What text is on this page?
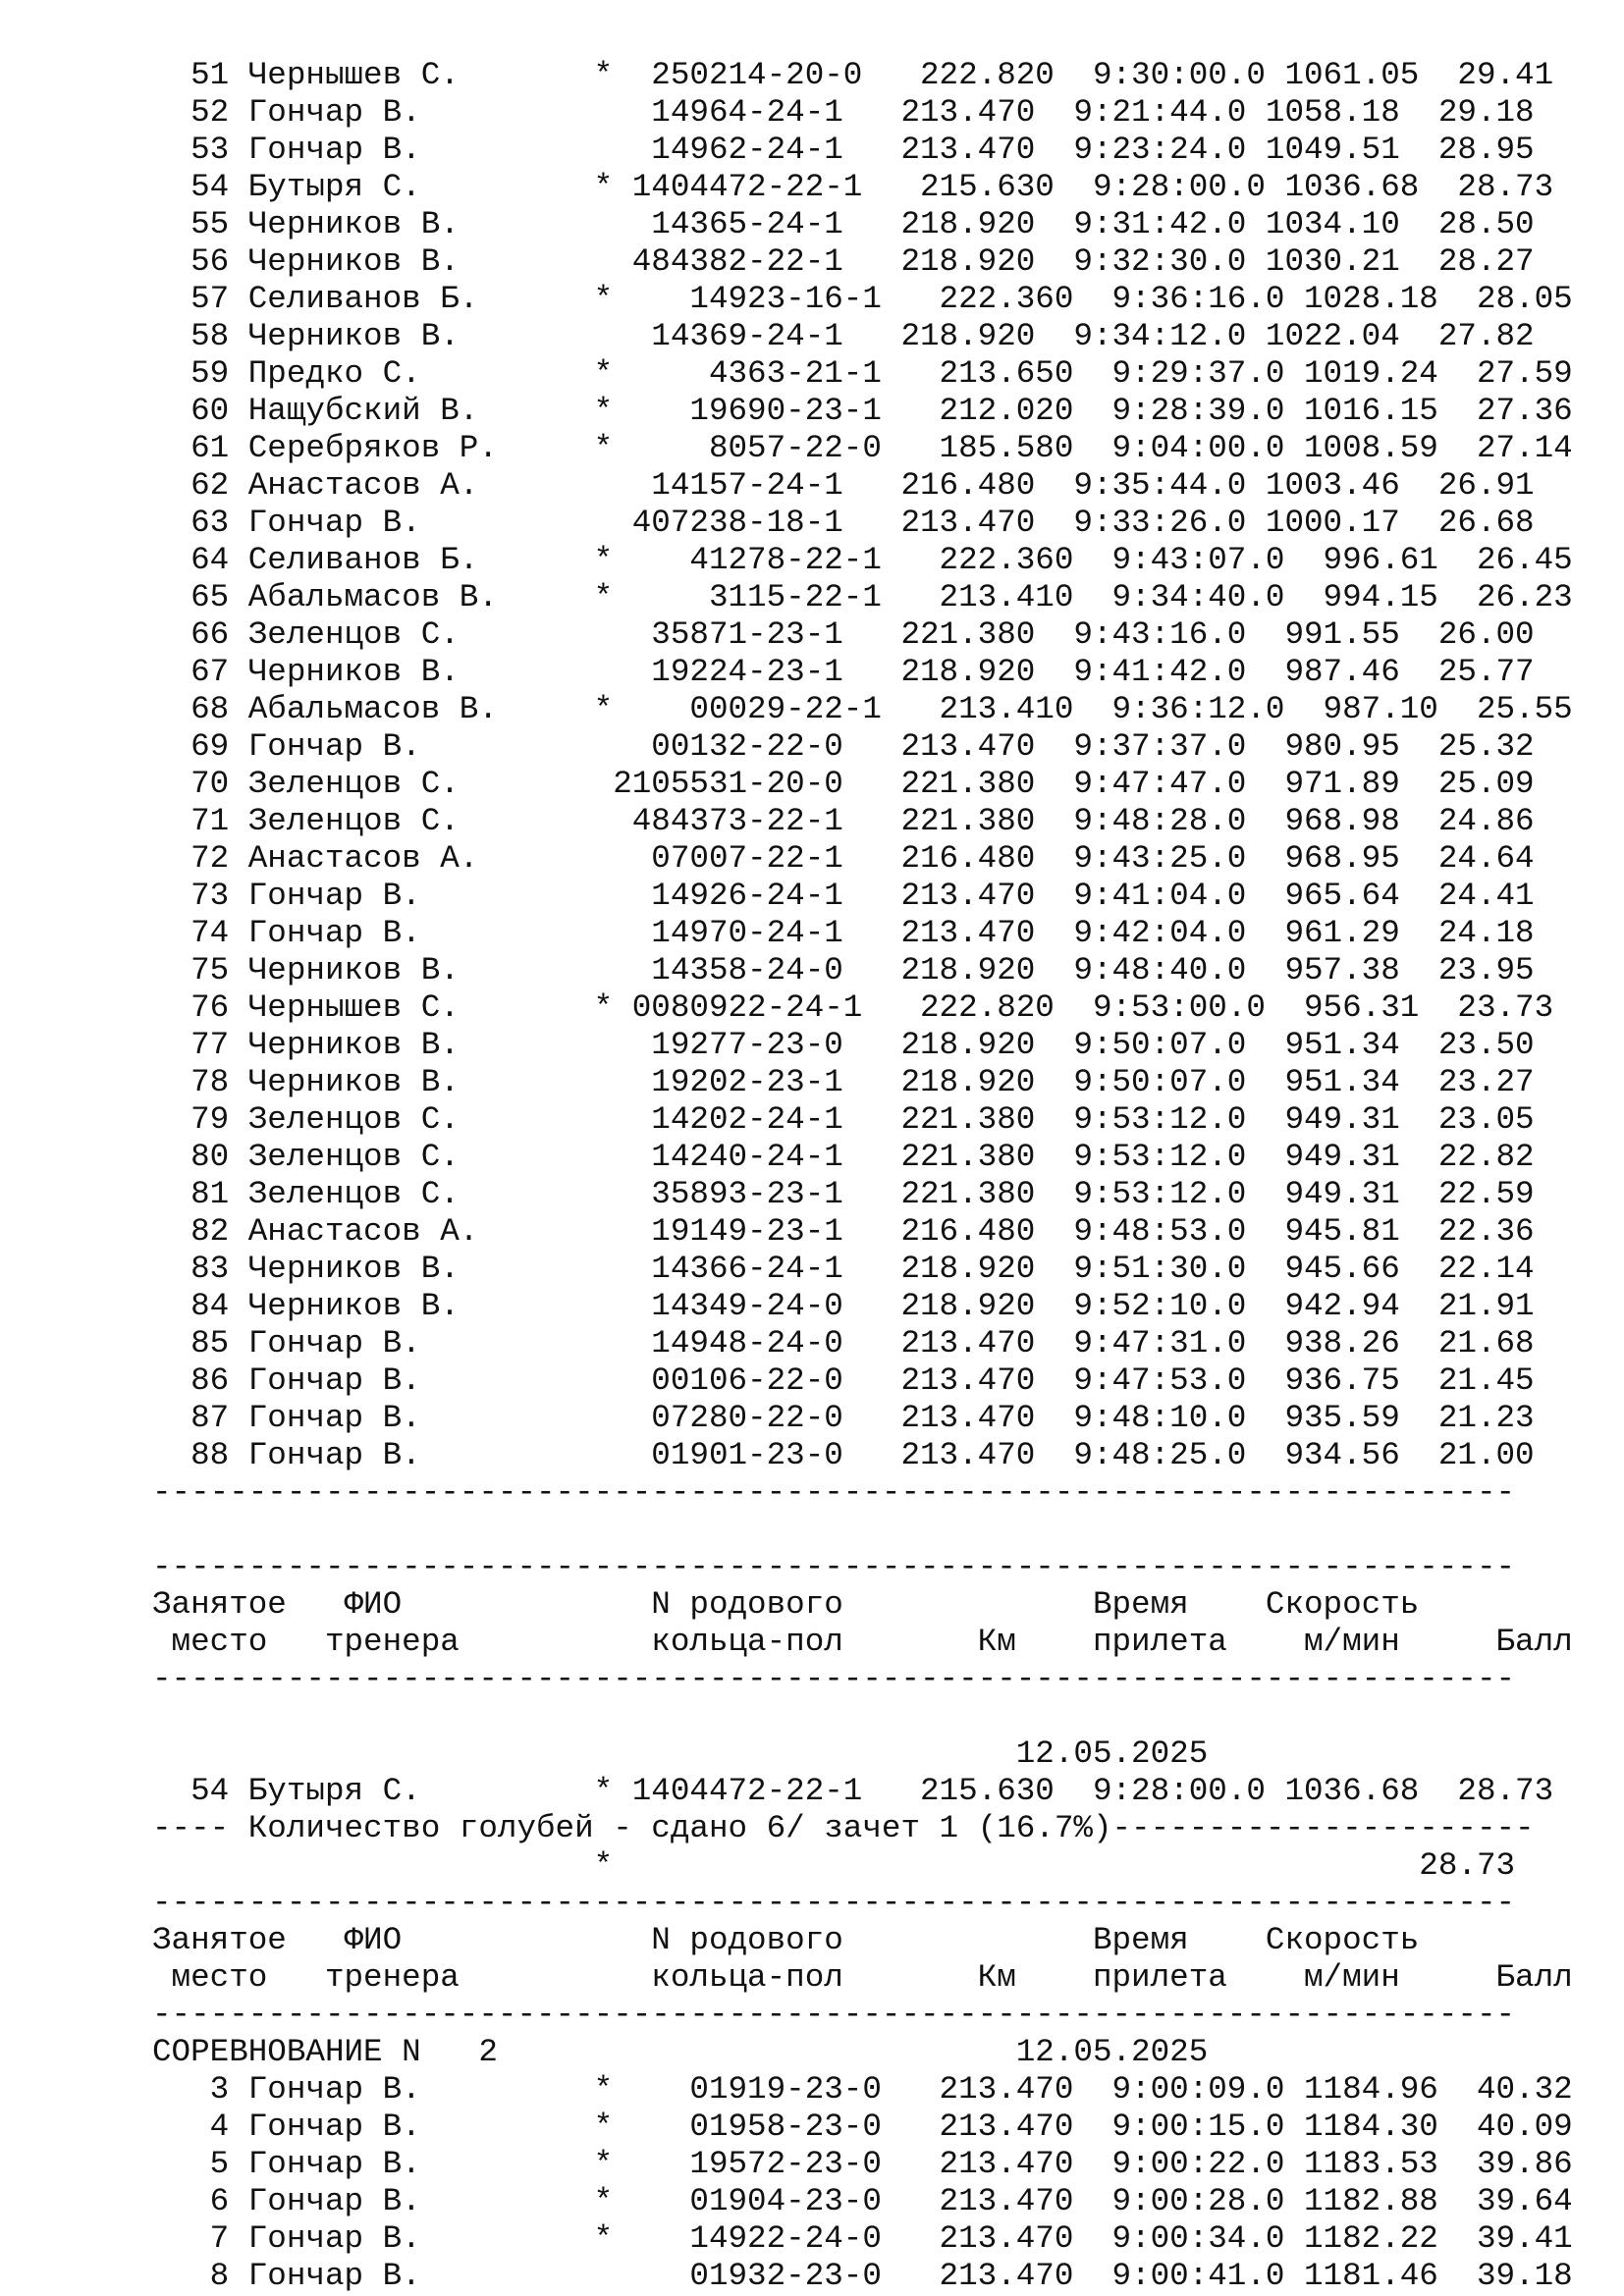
51 Чернышев С.       *  250214-20-0   222.820  9:30:00.0 1061.05  29.41
52 Гончар В.            14964-24-1   213.470  9:21:44.0 1058.18  29.18
53 Гончар В.            14962-24-1   213.470  9:23:24.0 1049.51  28.95
54 Бутыря С.         * 1404472-22-1   215.630  9:28:00.0 1036.68  28.73
55 Черников В.          14365-24-1   218.920  9:31:42.0 1034.10  28.50
56 Черников В.         484382-22-1   218.920  9:32:30.0 1030.21  28.27
57 Селиванов Б.      *    14923-16-1   222.360  9:36:16.0 1028.18  28.05
58 Черников В.          14369-24-1   218.920  9:34:12.0 1022.04  27.82
59 Предко С.         *     4363-21-1   213.650  9:29:37.0 1019.24  27.59
60 Нащубский В.      *    19690-23-1   212.020  9:28:39.0 1016.15  27.36
61 Серебряков Р.     *     8057-22-0   185.580  9:04:00.0 1008.59  27.14
62 Анастасов А.         14157-24-1   216.480  9:35:44.0 1003.46  26.91
63 Гончар В.           407238-18-1   213.470  9:33:26.0 1000.17  26.68
64 Селиванов Б.      *    41278-22-1   222.360  9:43:07.0  996.61  26.45
65 Абальмасов В.     *     3115-22-1   213.410  9:34:40.0  994.15  26.23
66 Зеленцов С.          35871-23-1   221.380  9:43:16.0  991.55  26.00
67 Черников В.          19224-23-1   218.920  9:41:42.0  987.46  25.77
68 Абальмасов В.     *    00029-22-1   213.410  9:36:12.0  987.10  25.55
69 Гончар В.            00132-22-0   213.470  9:37:37.0  980.95  25.32
70 Зеленцов С.        2105531-20-0   221.380  9:47:47.0  971.89  25.09
71 Зеленцов С.         484373-22-1   221.380  9:48:28.0  968.98  24.86
72 Анастасов А.         07007-22-1   216.480  9:43:25.0  968.95  24.64
73 Гончар В.            14926-24-1   213.470  9:41:04.0  965.64  24.41
74 Гончар В.            14970-24-1   213.470  9:42:04.0  961.29  24.18
75 Черников В.          14358-24-0   218.920  9:48:40.0  957.38  23.95
76 Чернышев С.       * 0080922-24-1   222.820  9:53:00.0  956.31  23.73
77 Черников В.          19277-23-0   218.920  9:50:07.0  951.34  23.50
78 Черников В.          19202-23-1   218.920  9:50:07.0  951.34  23.27
79 Зеленцов С.          14202-24-1   221.380  9:53:12.0  949.31  23.05
80 Зеленцов С.          14240-24-1   221.380  9:53:12.0  949.31  22.82
81 Зеленцов С.          35893-23-1   221.380  9:53:12.0  949.31  22.59
82 Анастасов А.         19149-23-1   216.480  9:48:53.0  945.81  22.36
83 Черников В.          14366-24-1   218.920  9:51:30.0  945.66  22.14
84 Черников В.          14349-24-0   218.920  9:52:10.0  942.94  21.91
85 Гончар В.            14948-24-0   213.470  9:47:31.0  938.26  21.68
86 Гончар В.            00106-22-0   213.470  9:47:53.0  936.75  21.45
87 Гончар В.            07280-22-0   213.470  9:48:10.0  935.59  21.23
88 Гончар В.            01901-23-0   213.470  9:48:25.0  934.56  21.00
-----------------------------------------------------------------------
-----------------------------------------------------------------------
Занятое   ФИО             N родового             Время    Скорость
место   тренера          кольца-пол       Км    прилета    м/мин     Балл
-----------------------------------------------------------------------
12.05.2025
54 Бутыря С.         * 1404472-22-1   215.630  9:28:00.0 1036.68  28.73
---- Количество голубей - сдано 6/ зачет 1 (16.7%)----------------------
*                                          28.73
-----------------------------------------------------------------------
Занятое   ФИО             N родового             Время    Скорость
место   тренера          кольца-пол       Км    прилета    м/мин     Балл
-----------------------------------------------------------------------
СОРЕВНОВАНИЕ N   2                           12.05.2025
3 Гончар В.         *    01919-23-0   213.470  9:00:09.0 1184.96  40.32
4 Гончар В.         *    01958-23-0   213.470  9:00:15.0 1184.30  40.09
5 Гончар В.         *    19572-23-0   213.470  9:00:22.0 1183.53  39.86
6 Гончар В.         *    01904-23-0   213.470  9:00:28.0 1182.88  39.64
7 Гончар В.         *    14922-24-0   213.470  9:00:34.0 1182.22  39.41
8 Гончар В.              01932-23-0   213.470  9:00:41.0 1181.46  39.18
